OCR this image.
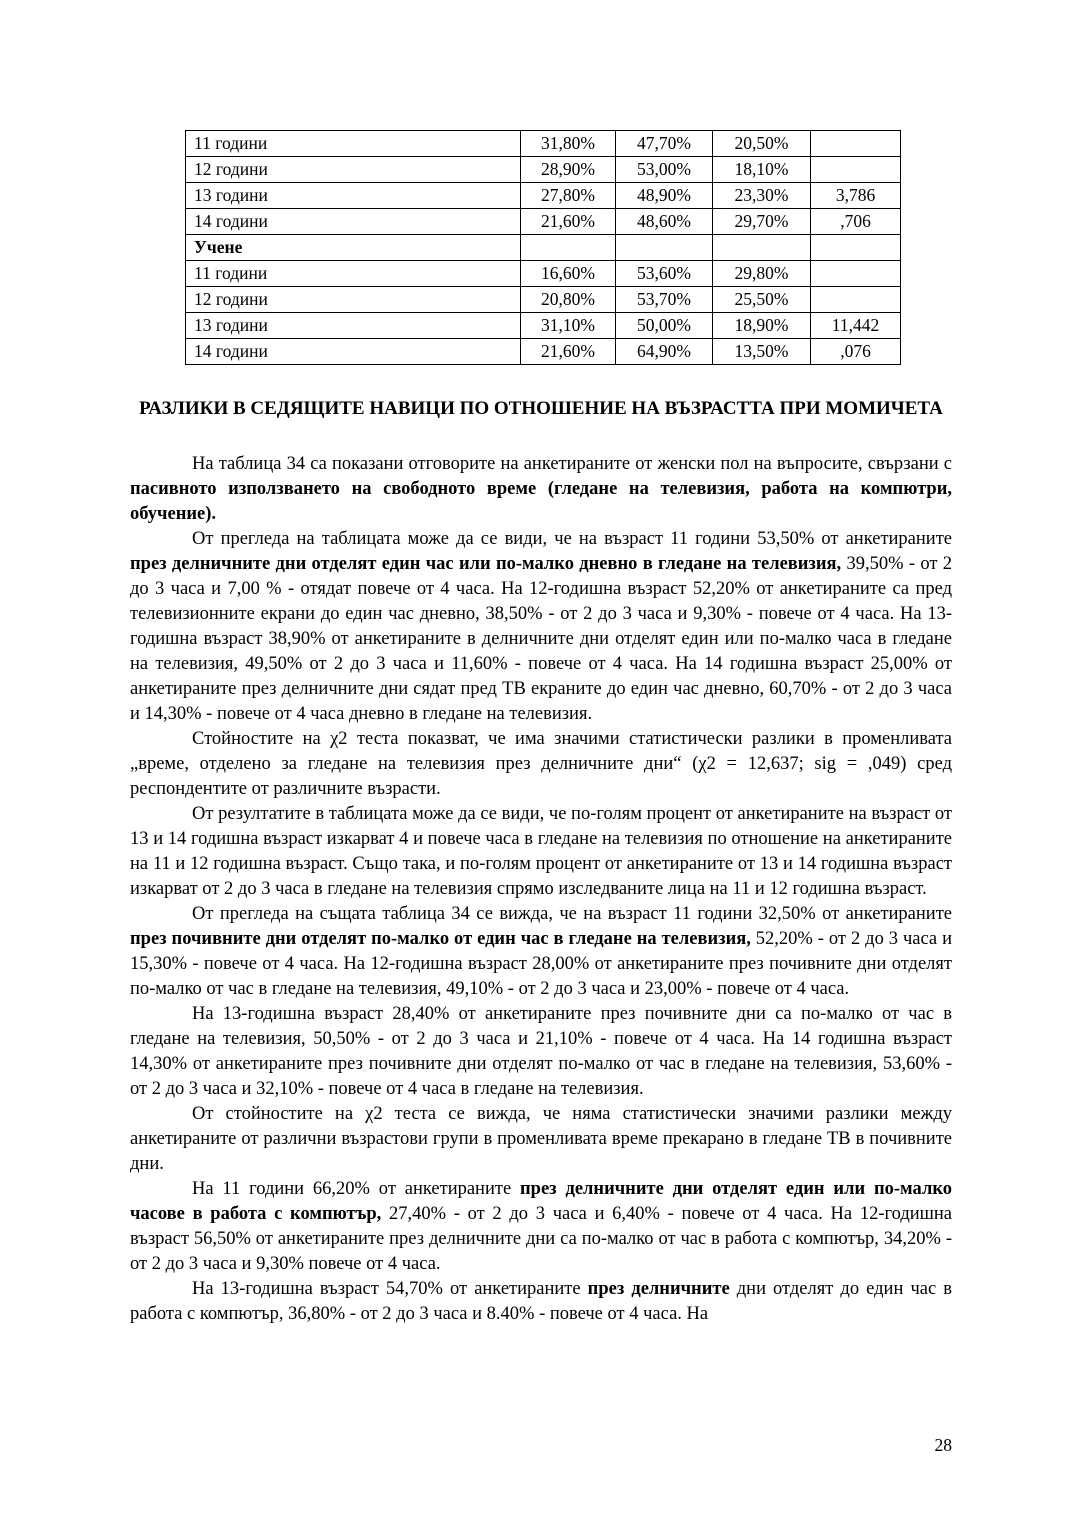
11 години	31,80%	47,70%	20,50%	
12 години	28,90%	53,00%	18,10%	
13 години	27,80%	48,90%	23,30%	3,786
14 години	21,60%	48,60%	29,70%	,706
Учене				
11 години	16,60%	53,60%	29,80%	
12 години	20,80%	53,70%	25,50%	
13 години	31,10%	50,00%	18,90%	11,442
14 години	21,60%	64,90%	13,50%	,076
РАЗЛИКИ В СЕДЯЩИТЕ НАВИЦИ ПО ОТНОШЕНИЕ НА ВЪЗРАСТТА ПРИ МОМИЧЕТА

На таблица 34 са показани отговорите на анкетираните от женски пол на въпросите, свързани с пасивното използването на свободното време (гледане на телевизия, работа на компютри, обучение).

От прегледа на таблицата може да се види, че на възраст 11 години 53,50% от анкетираните през делничните дни отделят един час или по-малко дневно в гледане на телевизия, 39,50% - от 2 до 3 часа и 7,00 % - отядат повече от 4 часа. На 12-годишна възраст 52,20% от анкетираните са пред телевизионните екрани до един час дневно, 38,50% - от 2 до 3 часа и 9,30% - повече от 4 часа. На 13-годишна възраст 38,90% от анкетираните в делничните дни отделят един или по-малко часа в гледане на телевизия, 49,50% от 2 до 3 часа и 11,60% - повече от 4 часа. На 14 годишна възраст 25,00% от анкетираните през делничните дни сядат пред ТВ екраните до един час дневно, 60,70% - от 2 до 3 часа и 14,30% - повече от 4 часа дневно в гледане на телевизия.

Стойностите на χ2 теста показват, че има значими статистически разлики в променливата „време, отделено за гледане на телевизия през делничните дни“ (χ2 = 12,637; sig = ,049) сред респондентите от различните възрасти.

От резултатите в таблицата може да се види, че по-голям процент от анкетираните на възраст от 13 и 14 годишна възраст изкарват 4 и повече часа в гледане на телевизия по отношение на анкетираните на 11 и 12 годишна възраст. Също така, и по-голям процент от анкетираните от 13 и 14 годишна възраст изкарват от 2 до 3 часа в гледане на телевизия спрямо изследваните лица на 11 и 12 годишна възраст.

От прегледа на същата таблица 34 се вижда, че на възраст 11 години 32,50% от анкетираните през почивните дни отделят по-малко от един час в гледане на телевизия, 52,20% - от 2 до 3 часа и 15,30% - повече от 4 часа. На 12-годишна възраст 28,00% от анкетираните през почивните дни отделят по-малко от час в гледане на телевизия, 49,10% - от 2 до 3 часа и 23,00% - повече от 4 часа.

На 13-годишна възраст 28,40% от анкетираните през почивните дни са по-малко от час в гледане на телевизия, 50,50% - от 2 до 3 часа и 21,10% - повече от 4 часа. На 14 годишна възраст 14,30% от анкетираните през почивните дни отделят по-малко от час в гледане на телевизия, 53,60% - от 2 до 3 часа и 32,10% - повече от 4 часа в гледане на телевизия.

От стойностите на χ2 теста се вижда, че няма статистически значими разлики между анкетираните от различни възрастови групи в променливата време прекарано в гледане ТВ в почивните дни.

На 11 години 66,20% от анкетираните през делничните дни отделят един или по-малко часове в работа с компютър, 27,40% - от 2 до 3 часа и 6,40% - повече от 4 часа. На 12-годишна възраст 56,50% от анкетираните през делничните дни са по-малко от час в работа с компютър, 34,20% - от 2 до 3 часа и 9,30% повече от 4 часа.

На 13-годишна възраст 54,70% от анкетираните през делничните дни отделят до един час в работа с компютър, 36,80% - от 2 до 3 часа и 8.40% - повече от 4 часа. На

28
